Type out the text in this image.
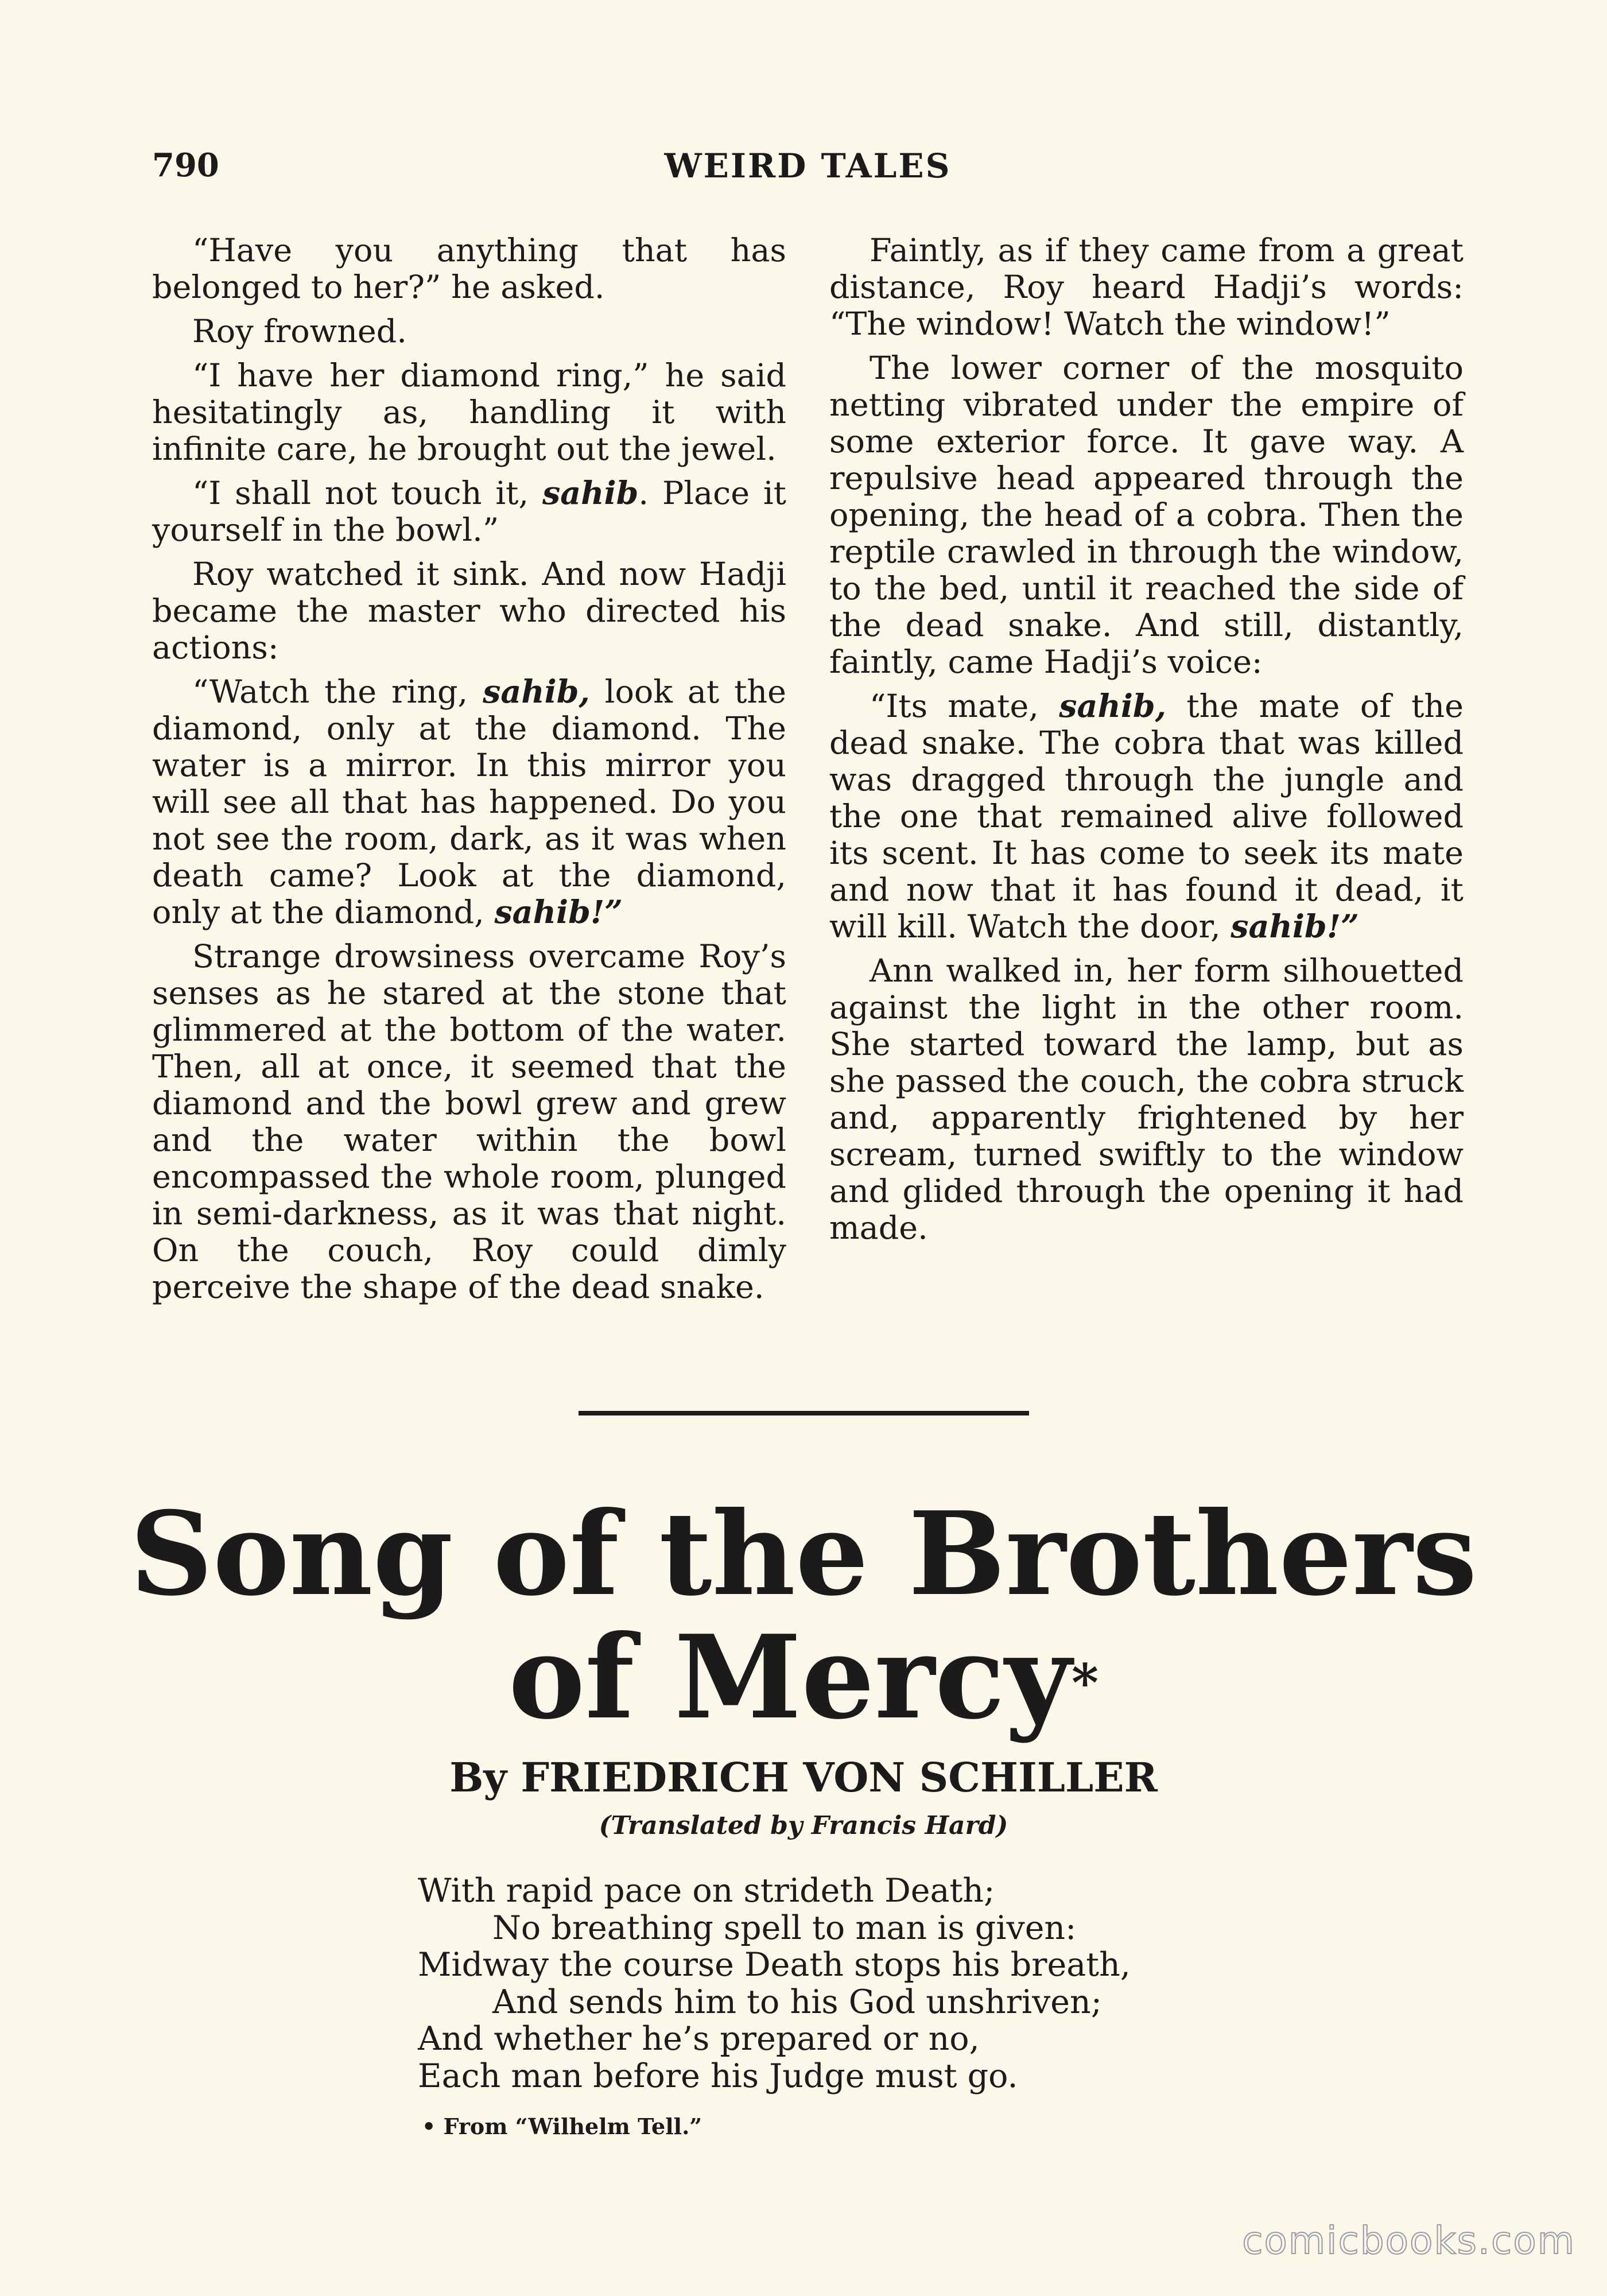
790	WEIRD TALES

“Have you anything that has belonged to her?” he asked.

Roy frowned.

“I have her diamond ring,” he said hesitatingly as, handling it with infinite care, he brought out the jewel.

“I shall not touch it, sahib. Place it yourself in the bowl.”

Roy watched it sink. And now Hadji became the master who directed his actions:

“Watch the ring, sahib, look at the diamond, only at the diamond. The water is a mirror. In this mirror you will see all that has happened. Do you not see the room, dark, as it was when death came? Look at the diamond, only at the diamond, sahib!”

Strange drowsiness overcame Roy’s senses as he stared at the stone that glimmered at the bottom of the water. Then, all at once, it seemed that the diamond and the bowl grew and grew and the water within the bowl encompassed the whole room, plunged in semi-darkness, as it was that night. On the couch, Roy could dimly perceive the shape of the dead snake.

Faintly, as if they came from a great distance, Roy heard Hadji’s words: “The window! Watch the window!”

The lower corner of the mosquito netting vibrated under the empire of some exterior force. It gave way. A repulsive head appeared through the opening, the head of a cobra. Then the reptile crawled in through the window, to the bed, until it reached the side of the dead snake. And still, distantly, faintly, came Hadji’s voice:

“Its mate, sahib, the mate of the dead snake. The cobra that was killed was dragged through the jungle and the one that remained alive followed its scent. It has come to seek its mate and now that it has found it dead, it will kill. Watch the door, sahib!”

Ann walked in, her form silhouetted against the light in the other room. She started toward the lamp, but as she passed the couch, the cobra struck and, apparently frightened by her scream, turned swiftly to the window and glided through the opening it had made.

Song of the Brothers
of Mercy*
By FRIEDRICH VON SCHILLER
(Translated by Francis Hard)
With rapid pace on strideth Death;
No breathing spell to man is given:
Midway the course Death stops his breath,
And sends him to his God unshriven;
And whether he’s prepared or no,
Each man before his Judge must go.
• From “Wilhelm Tell.”
comicbooks.com
